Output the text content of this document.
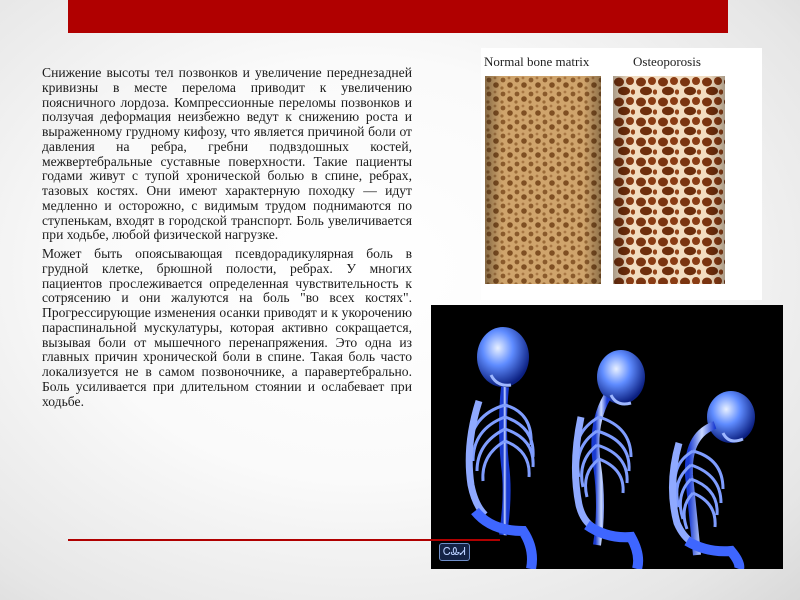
Снижение высоты тел позвонков и увеличение переднезадней кривизны в месте перелома приводит к увеличению поясничного лордоза. Компрессионные переломы позвонков и ползучая деформация неизбежно ведут к снижению роста и выраженному грудному кифозу, что является причиной боли от давления на ребра, гребни подвздошных костей, межвертебральные суставные поверхности. Такие пациенты годами живут с тупой хронической болью в спине, ребрах, тазовых костях. Они имеют характерную походку — идут медленно и осторожно, с видимым трудом поднимаются по ступенькам, входят в городской транспорт. Боль увеличивается при ходьбе, любой физической нагрузке.

Может быть опоясывающая псевдорадикулярная боль в грудной клетке, брюшной полости, ребрах. У многих пациентов прослеживается определенная чувствительность к сотрясению и они жалуются на боль "во всех костях". Прогрессирующие изменения осанки приводят и к укорочению параспинальной мускулатуры, которая активно сокращается, вызывая боли от мышечного перенапряжения. Это одна из главных причин хронической боли в спине. Такая боль часто локализуется не в самом позвоночнике, а паравертебрально. Боль усиливается при длительном стоянии и ослабевает при ходьбе.

Normal bone matrix	Osteoporosis
ᏟᎲᏗ
